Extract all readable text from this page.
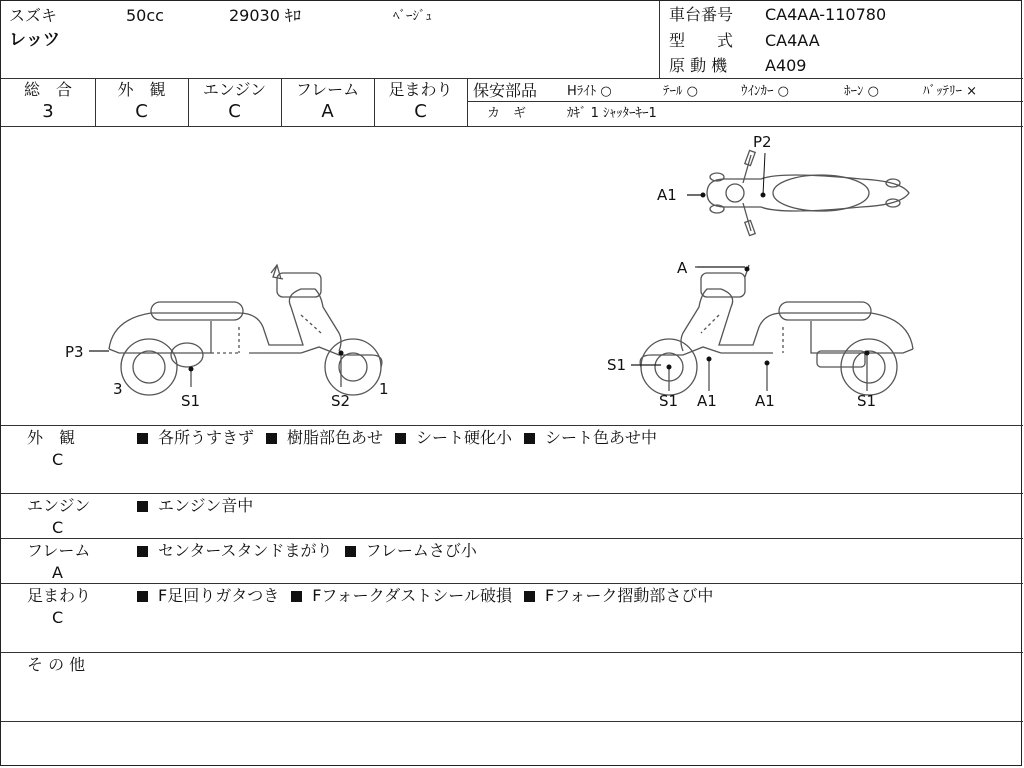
スズキ	50cc	29030 ｷﾛ	ﾍﾞｰｼﾞｭ
レッツ
車台番号 CA4AA-110780
型　　式 CA4AA
原 動 機 A409
総　合
3
外　観
C
エンジン
C
フレーム
A
足まわり
C
保安部品 Hﾗｲﾄ ○	ﾃｰﾙ ○	ｳｲﾝｶｰ ○	ﾎｰﾝ ○	ﾊﾞｯﾃﾘｰ ×
カ　ギ	ｶｷﾞ 1 ｼｬｯﾀｰｷｰ1
P3
3
S1	S2
1
P2
A1
A
S1
S1 A1	A1	S1
外　観
C
各所うすきず 樹脂部色あせ シート硬化小 シート色あせ中
エンジン
C
エンジン音中
フレーム
A
センタースタンドまがり フレームさび小
足まわり
C
F足回りガタつき Fフォークダストシール破損 Fフォーク摺動部さび中
そ の 他
